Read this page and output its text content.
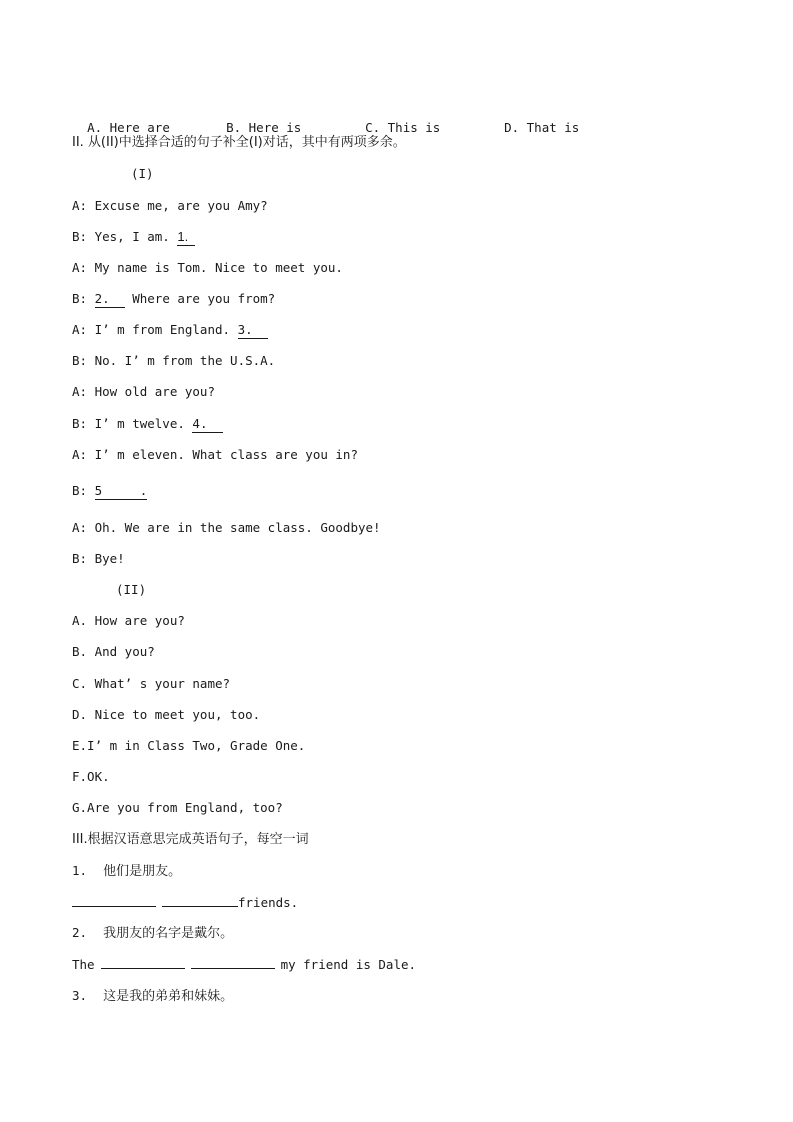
A. Here are	B. Here is	C. This is	D. That is

II. 从(II)中选择合适的句子补全(I)对话，其中有两项多余。
(I)
A: Excuse me, are you Amy?
B: Yes, I am. 1.
A: My name is Tom. Nice to meet you.
B: 2.   Where are you from?
A: I’ m from England. 3.
B: No. I’ m from the U.S.A.
A: How old are you?
B: I’ m twelve. 4.
A: I’ m eleven. What class are you in?
B: 5     .
A: Oh. We are in the same class. Goodbye!
B: Bye!
(II)
A. How are you?
B. And you?
C. What’ s your name?
D. Nice to meet you, too.
E.I’ m in Class Two, Grade One.
F.OK.
G.Are you from England, too?
III.根据汉语意思完成英语句子，每空一词
1. 他们是朋友。
friends.
2. 我朋友的名字是戴尔。
The	my friend is Dale.
3. 这是我的弟弟和妹妹。
